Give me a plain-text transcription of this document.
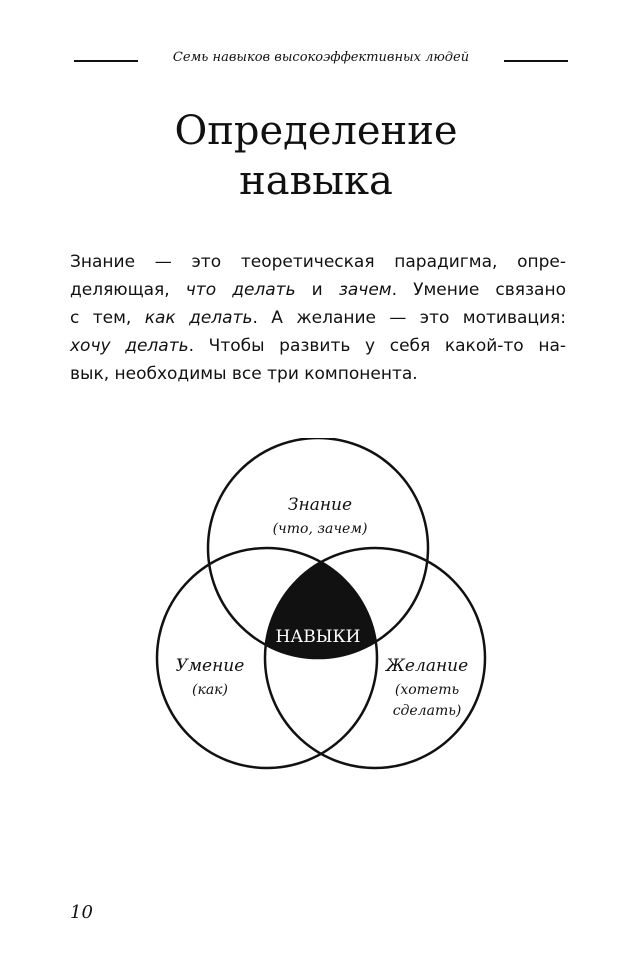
Семь навыков высокоэффективных людей
Определение
навыка
Знание — это теоретическая парадигма, опре-
деляющая, что делать и зачем. Умение связано
с тем, как делать. А желание — это мотивация:
хочу делать. Чтобы развить у себя какой-то на-
вык, необходимы все три компонента.
НАВЫКИ
Знание
(что, зачем)
Умение
(как)
Желание
(хотеть
сделать)
10
